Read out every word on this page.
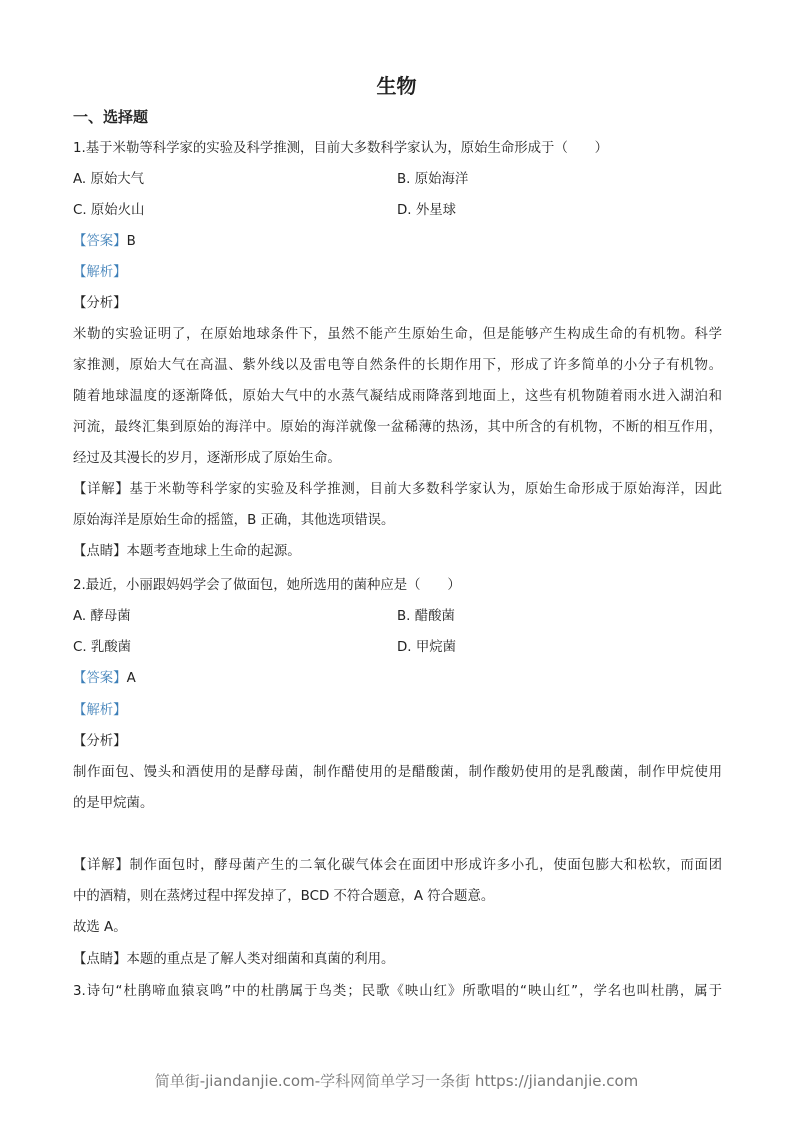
生物
一、选择题
1.基于米勒等科学家的实验及科学推测，目前大多数科学家认为，原始生命形成于（　　）
A. 原始大气	B. 原始海洋
C. 原始火山	D. 外星球
【答案】B
【解析】
【分析】
米勒的实验证明了，在原始地球条件下，虽然不能产生原始生命，但是能够产生构成生命的有机物。科学
家推测，原始大气在高温、紫外线以及雷电等自然条件的长期作用下，形成了许多简单的小分子有机物。
随着地球温度的逐渐降低，原始大气中的水蒸气凝结成雨降落到地面上，这些有机物随着雨水进入湖泊和
河流，最终汇集到原始的海洋中。原始的海洋就像一盆稀薄的热汤，其中所含的有机物，不断的相互作用，
经过及其漫长的岁月，逐渐形成了原始生命。
【详解】基于米勒等科学家的实验及科学推测，目前大多数科学家认为，原始生命形成于原始海洋，因此
原始海洋是原始生命的摇篮，B 正确，其他选项错误。
【点睛】本题考查地球上生命的起源。
2.最近，小丽跟妈妈学会了做面包，她所选用的菌种应是（　　）
A. 酵母菌	B. 醋酸菌
C. 乳酸菌	D. 甲烷菌
【答案】A
【解析】
【分析】
制作面包、馒头和酒使用的是酵母菌，制作醋使用的是醋酸菌，制作酸奶使用的是乳酸菌，制作甲烷使用
的是甲烷菌。
【详解】制作面包时，酵母菌产生的二氧化碳气体会在面团中形成许多小孔，使面包膨大和松软，而面团
中的酒精，则在蒸烤过程中挥发掉了，BCD 不符合题意，A 符合题意。
故选 A。
【点睛】本题的重点是了解人类对细菌和真菌的利用。
3.诗句“杜鹃啼血猿哀鸣”中的杜鹃属于鸟类；民歌《映山红》所歌唱的“映山红”，学名也叫杜鹃，属于
简单街-jiandanjie.com-学科网简单学习一条街 https://jiandanjie.com
